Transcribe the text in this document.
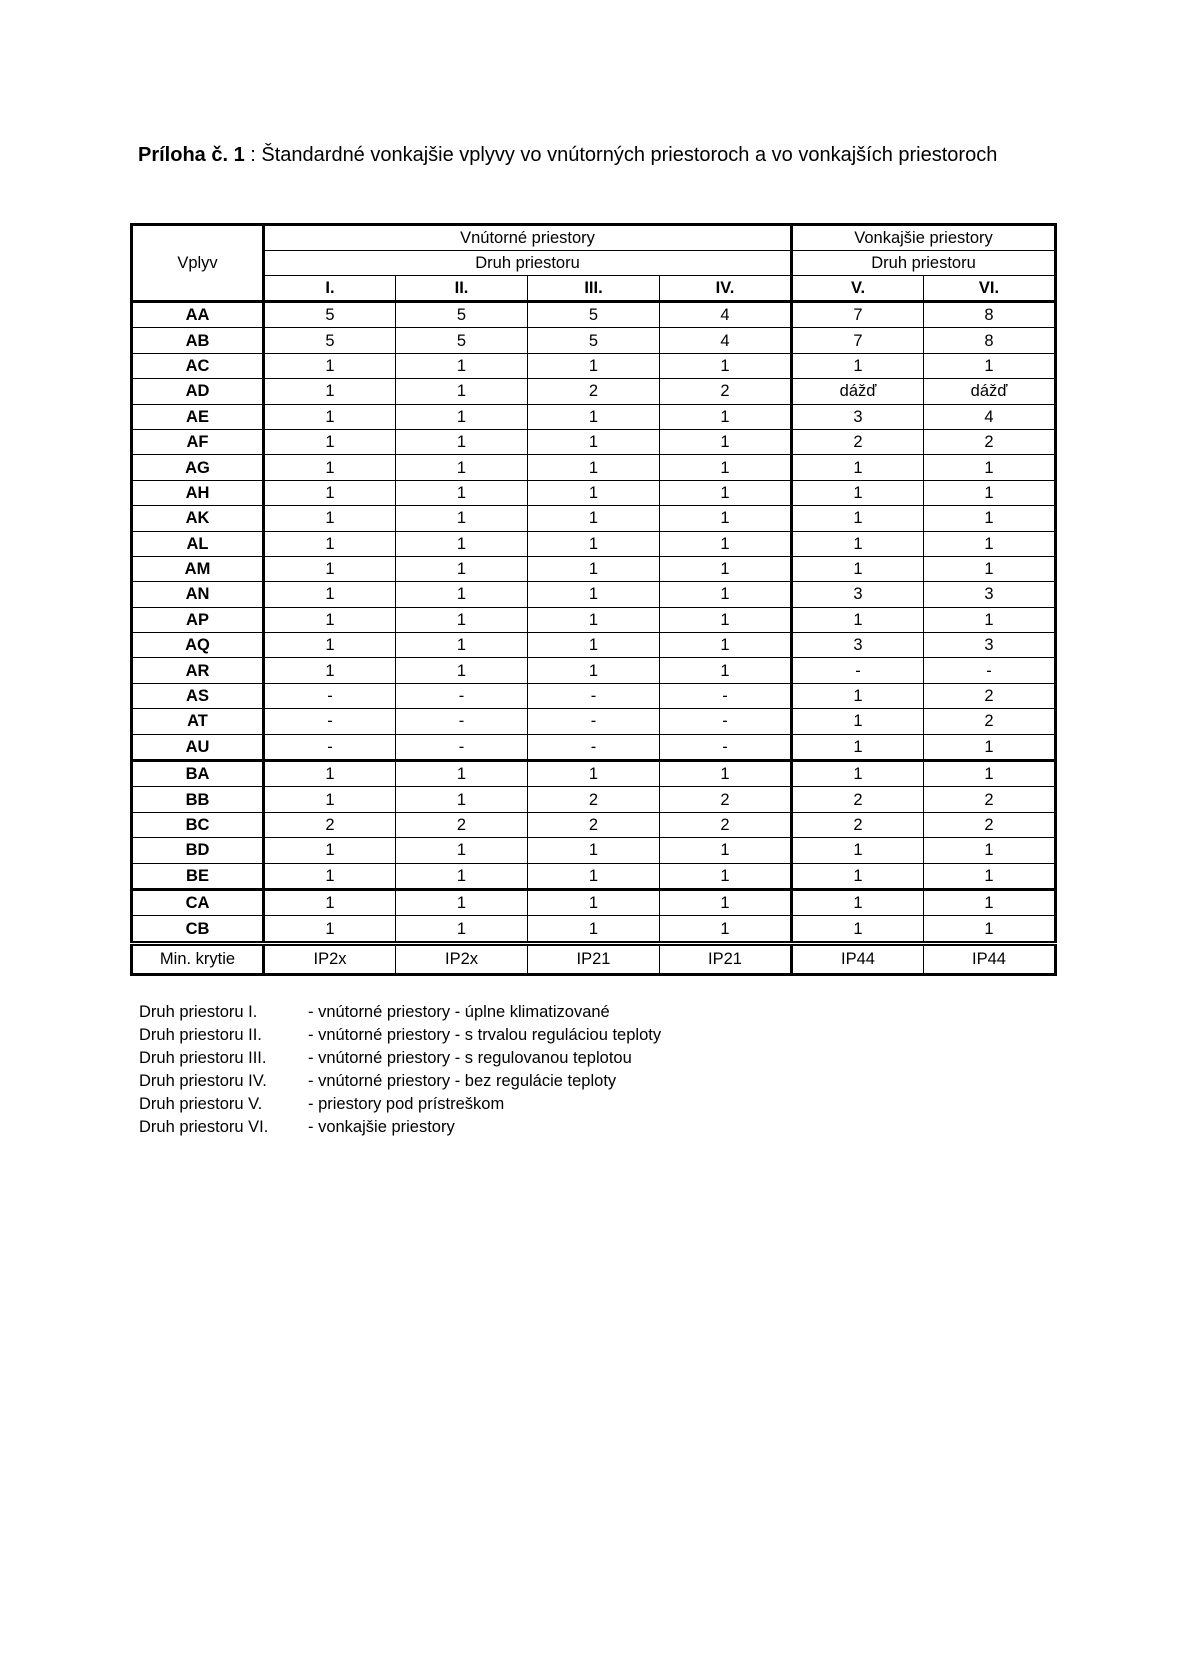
Príloha č. 1 : Štandardné vonkajšie vplyvy vo vnútorných priestoroch a vo vonkajších priestoroch
Vplyv	Vnútorné priestory				Vonkajšie priestory	
	Druh priestoru				Druh priestoru	
	I.	II.	III.	IV.	V.	VI.
AA	5	5	5	4	7	8
AB	5	5	5	4	7	8
AC	1	1	1	1	1	1
AD	1	1	2	2	dážď	dážď
AE	1	1	1	1	3	4
AF	1	1	1	1	2	2
AG	1	1	1	1	1	1
AH	1	1	1	1	1	1
AK	1	1	1	1	1	1
AL	1	1	1	1	1	1
AM	1	1	1	1	1	1
AN	1	1	1	1	3	3
AP	1	1	1	1	1	1
AQ	1	1	1	1	3	3
AR	1	1	1	1	-	-
AS	-	-	-	-	1	2
AT	-	-	-	-	1	2
AU	-	-	-	-	1	1
BA	1	1	1	1	1	1
BB	1	1	2	2	2	2
BC	2	2	2	2	2	2
BD	1	1	1	1	1	1
BE	1	1	1	1	1	1
CA	1	1	1	1	1	1
CB	1	1	1	1	1	1
Min. krytie	IP2x	IP2x	IP21	IP21	IP44	IP44
Druh priestoru I.	- vnútorné priestory - úplne klimatizované
Druh priestoru II.	- vnútorné priestory - s trvalou reguláciou teploty
Druh priestoru III.	- vnútorné priestory - s regulovanou teplotou
Druh priestoru IV.	- vnútorné priestory - bez regulácie teploty
Druh priestoru V.	- priestory pod prístreškom
Druh priestoru VI.	- vonkajšie priestory
